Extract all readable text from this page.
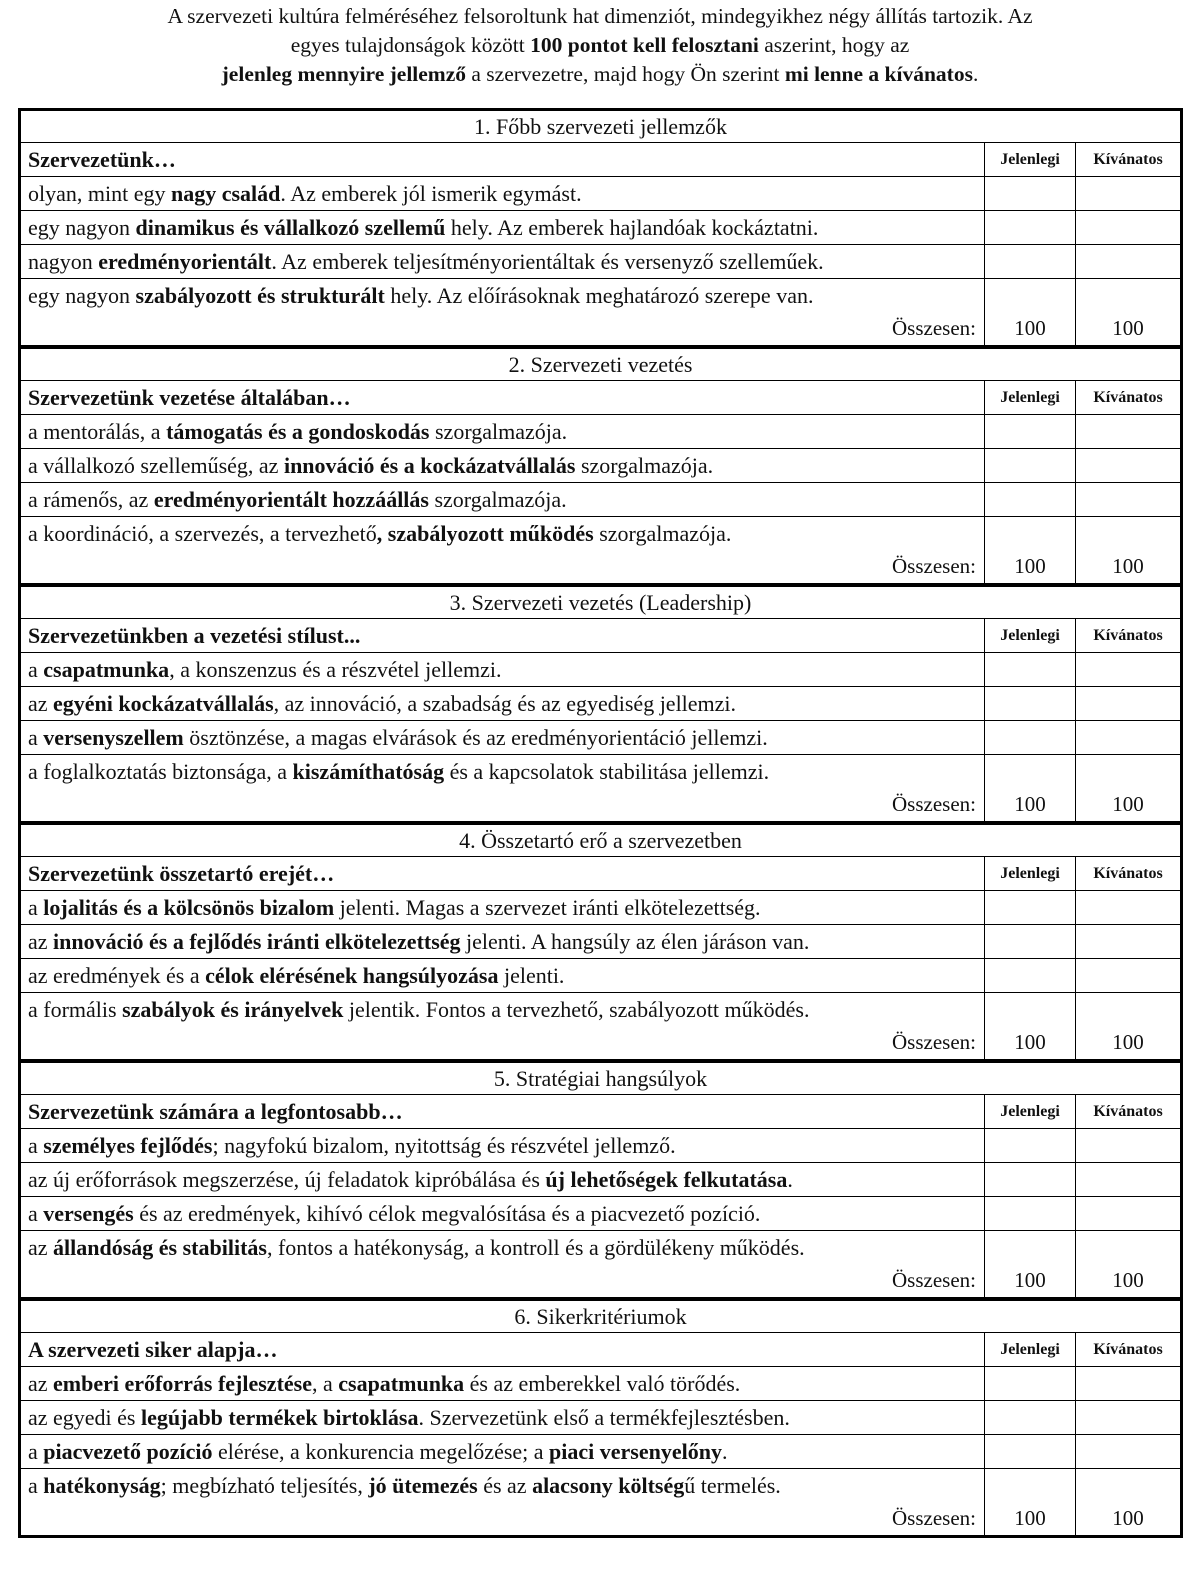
A szervezeti kultúra felméréséhez felsoroltunk hat dimenziót, mindegyikhez négy állítás tartozik. Az
egyes tulajdonságok között 100 pontot kell felosztani aszerint, hogy az
jelenleg mennyire jellemző a szervezetre, majd hogy Ön szerint mi lenne a kívánatos.
1. Főbb szervezeti jellemzők
Szervezetünk…	Jelenlegi	Kívánatos
olyan, mint egy nagy család. Az emberek jól ismerik egymást.
egy nagyon dinamikus és vállalkozó szellemű hely. Az emberek hajlandóak kockáztatni.
nagyon eredményorientált. Az emberek teljesítményorientáltak és versenyző szelleműek.
egy nagyon szabályozott és strukturált hely. Az előírásoknak meghatározó szerepe van.
Összesen:	100	100
2. Szervezeti vezetés
Szervezetünk vezetése általában…	Jelenlegi	Kívánatos
a mentorálás, a támogatás és a gondoskodás szorgalmazója.
a vállalkozó szelleműség, az innováció és a kockázatvállalás szorgalmazója.
a rámenős, az eredményorientált hozzáállás szorgalmazója.
a koordináció, a szervezés, a tervezhető, szabályozott működés szorgalmazója.
Összesen:	100	100
3. Szervezeti vezetés (Leadership)
Szervezetünkben a vezetési stílust...	Jelenlegi	Kívánatos
a csapatmunka, a konszenzus és a részvétel jellemzi.
az egyéni kockázatvállalás, az innováció, a szabadság és az egyediség jellemzi.
a versenyszellem ösztönzése, a magas elvárások és az eredményorientáció jellemzi.
a foglalkoztatás biztonsága, a kiszámíthatóság és a kapcsolatok stabilitása jellemzi.
Összesen:	100	100
4. Összetartó erő a szervezetben
Szervezetünk összetartó erejét…	Jelenlegi	Kívánatos
a lojalitás és a kölcsönös bizalom jelenti. Magas a szervezet iránti elkötelezettség.
az innováció és a fejlődés iránti elkötelezettség jelenti. A hangsúly az élen járáson van.
az eredmények és a célok elérésének hangsúlyozása jelenti.
a formális szabályok és irányelvek jelentik. Fontos a tervezhető, szabályozott működés.
Összesen:	100	100
5. Stratégiai hangsúlyok
Szervezetünk számára a legfontosabb…	Jelenlegi	Kívánatos
a személyes fejlődés; nagyfokú bizalom, nyitottság és részvétel jellemző.
az új erőforrások megszerzése, új feladatok kipróbálása és új lehetőségek felkutatása.
a versengés és az eredmények, kihívó célok megvalósítása és a piacvezető pozíció.
az állandóság és stabilitás, fontos a hatékonyság, a kontroll és a gördülékeny működés.
Összesen:	100	100
6. Sikerkritériumok
A szervezeti siker alapja…	Jelenlegi	Kívánatos
az emberi erőforrás fejlesztése, a csapatmunka és az emberekkel való törődés.
az egyedi és legújabb termékek birtoklása. Szervezetünk első a termékfejlesztésben.
a piacvezető pozíció elérése, a konkurencia megelőzése; a piaci versenyelőny.
a hatékonyság; megbízható teljesítés, jó ütemezés és az alacsony költségű termelés.
Összesen:	100	100
